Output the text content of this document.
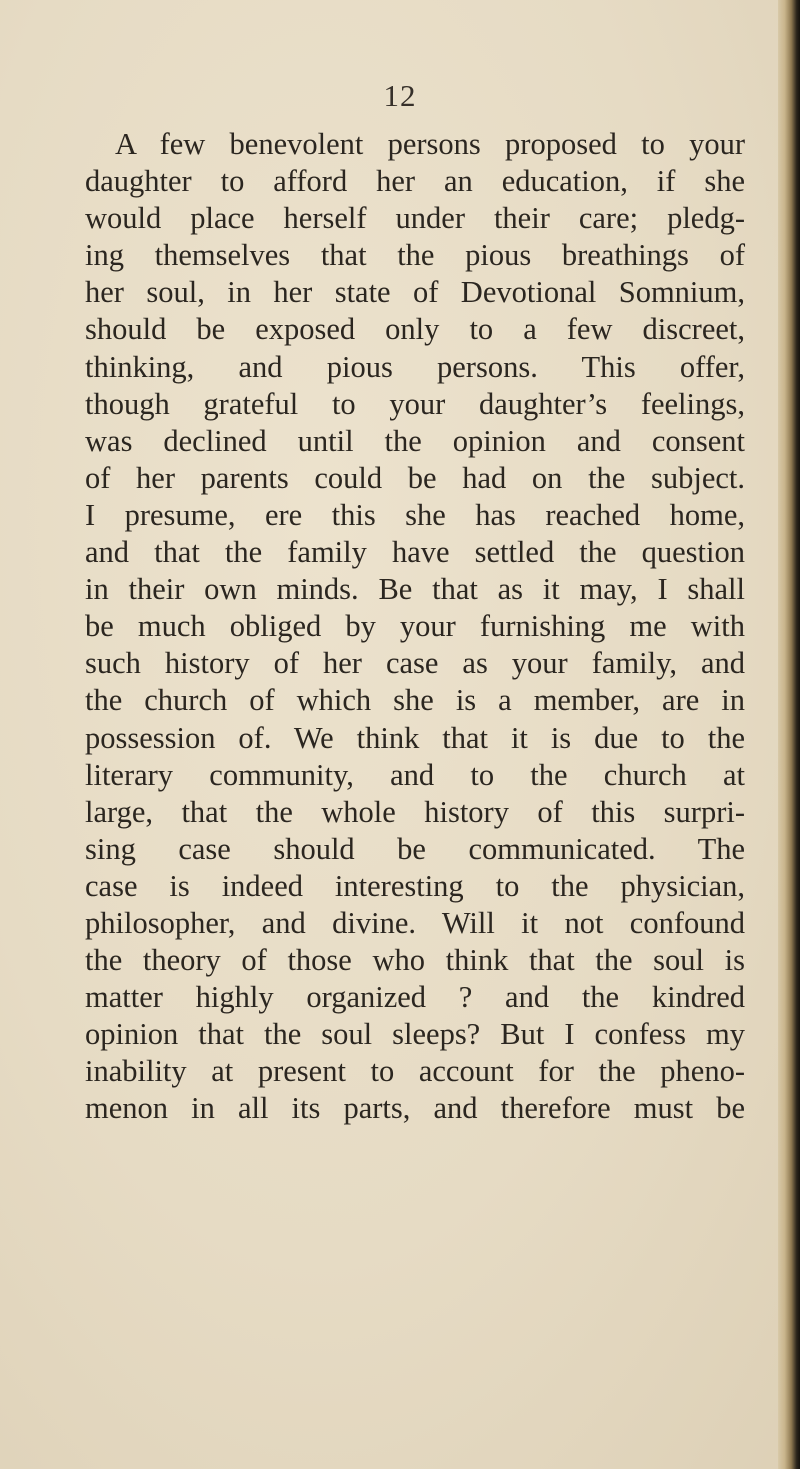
12

A few benevolent persons proposed to your
daughter to afford her an education, if she
would place herself under their care; pledg-
ing themselves that the pious breathings of
her soul, in her state of Devotional Somnium,
should be exposed only to a few discreet,
thinking, and pious persons. This offer,
though grateful to your daughter’s feelings,
was declined until the opinion and consent
of her parents could be had on the subject.
I presume, ere this she has reached home,
and that the family have settled the question
in their own minds. Be that as it may, I shall
be much obliged by your furnishing me with
such history of her case as your family, and
the church of which she is a member, are in
possession of. We think that it is due to the
literary community, and to the church at
large, that the whole history of this surpri-
sing case should be communicated. The
case is indeed interesting to the physician,
philosopher, and divine. Will it not confound
the theory of those who think that the soul is
matter highly organized ? and the kindred
opinion that the soul sleeps? But I confess my
inability at present to account for the pheno-
menon in all its parts, and therefore must be
